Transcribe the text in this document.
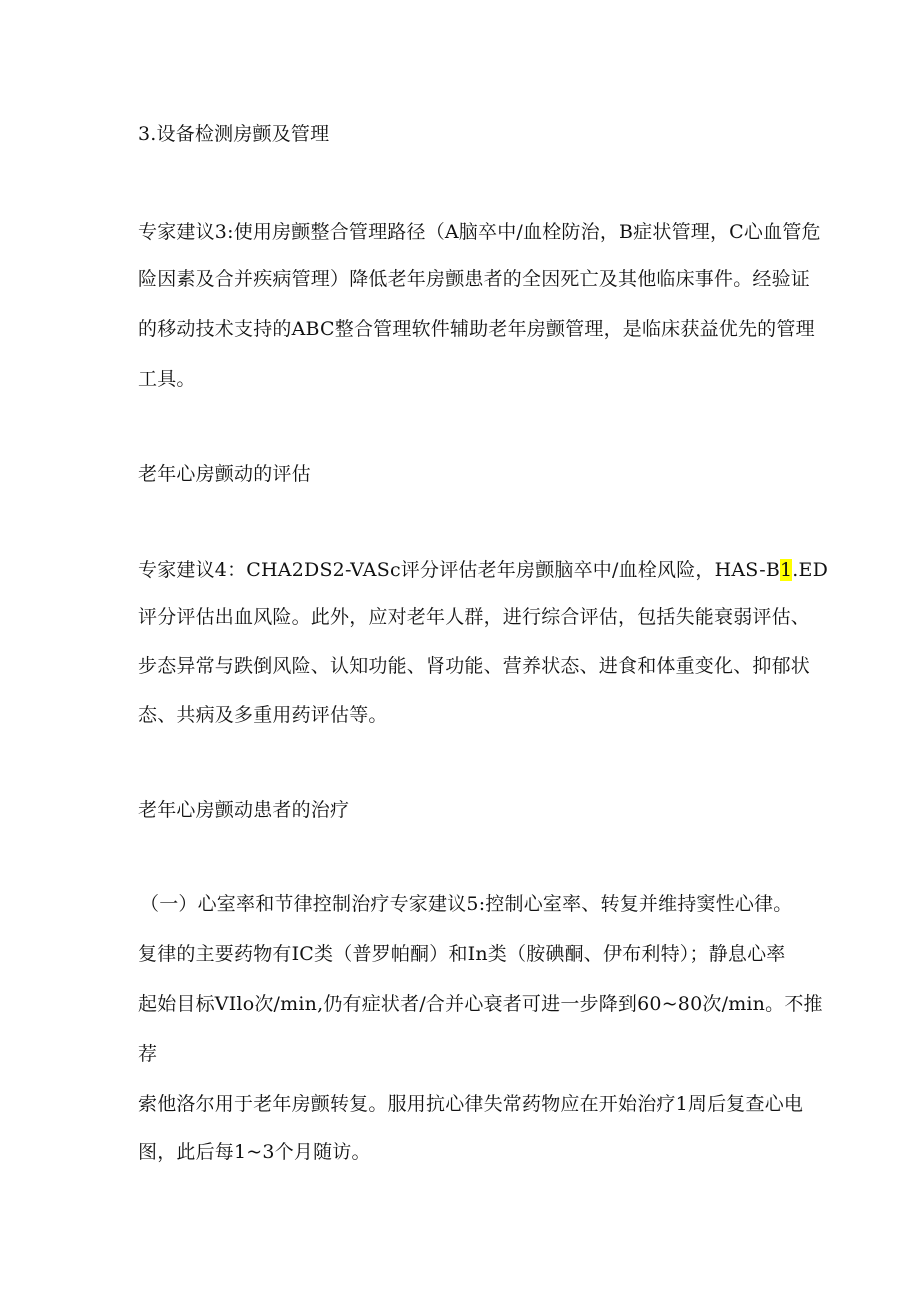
3.设备检测房颤及管理
专家建议3:使用房颤整合管理路径（A脑卒中/血栓防治，B症状管理，C心血管危
险因素及合并疾病管理）降低老年房颤患者的全因死亡及其他临床事件。经验证
的移动技术支持的ABC整合管理软件辅助老年房颤管理，是临床获益优先的管理
工具。
老年心房颤动的评估
专家建议4：CHA2DS2-VASc评分评估老年房颤脑卒中/血栓风险，HAS-B1.ED
评分评估出血风险。此外，应对老年人群，进行综合评估，包括失能衰弱评估、
步态异常与跌倒风险、认知功能、肾功能、营养状态、进食和体重变化、抑郁状
态、共病及多重用药评估等。
老年心房颤动患者的治疗
（一）心室率和节律控制治疗专家建议5:控制心室率、转复并维持窦性心律。
复律的主要药物有IC类（普罗帕酮）和In类（胺碘酮、伊布利特）；静息心率
起始目标VIlo次/min,仍有症状者/合并心衰者可进一步降到60~80次/min。不推
荐
索他洛尔用于老年房颤转复。服用抗心律失常药物应在开始治疗1周后复查心电
图，此后每1~3个月随访。
